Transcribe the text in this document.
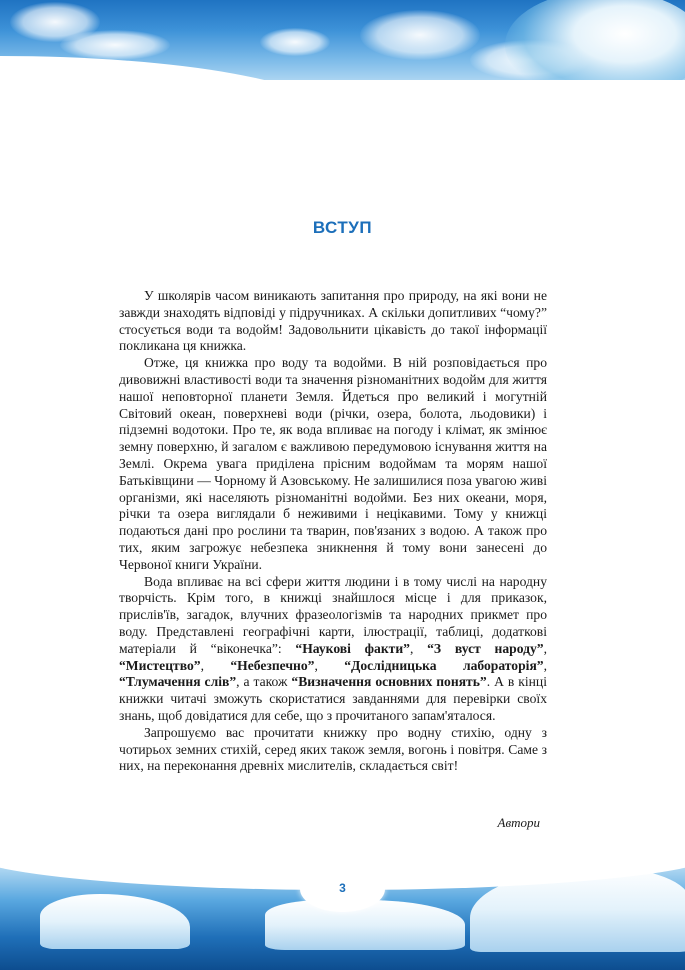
ВСТУП

У школярів часом виникають запитання про природу, на які вони не завжди знаходять відповіді у підручниках. А скільки допитливих “чому?” стосується води та водойм! Задовольнити цікавість до такої інформації покликана ця книжка.

Отже, ця книжка про воду та водойми. В ній розповідається про дивовижні властивості води та значення різноманітних водойм для життя нашої неповторної планети Земля. Йдеться про великий і могутній Світовий океан, поверхневі води (річки, озера, болота, льодовики) і підземні водотоки. Про те, як вода впливає на погоду і клімат, як змінює земну поверхню, й загалом є важливою передумовою існування життя на Землі. Окрема увага приділена прісним водоймам та морям нашої Батьківщини — Чорному й Азовському. Не залишилися поза увагою живі організми, які населяють різноманітні водойми. Без них океани, моря, річки та озера виглядали б неживими і нецікавими. Тому у книжці подаються дані про рослини та тварин, пов'язаних з водою. А також про тих, яким загрожує небезпека зникнення й тому вони занесені до Червоної книги України.

Вода впливає на всі сфери життя людини і в тому числі на народну творчість. Крім того, в книжці знайшлося місце і для приказок, прислів'їв, загадок, влучних фразеологізмів та народних прикмет про воду. Представлені географічні карти, ілюстрації, таблиці, додаткові матеріали й “віконечка”: “Наукові факти”, “З вуст народу”, “Мистецтво”, “Небезпечно”, “Дослідницька лабораторія”, “Тлумачення слів”, а також “Визначення основних понять”. А в кінці книжки читачі зможуть скористатися завданнями для перевірки своїх знань, щоб довідатися для себе, що з прочитаного запам'яталося.

Запрошуємо вас прочитати книжку про водну стихію, одну з чотирьох земних стихій, серед яких також земля, вогонь і повітря. Саме з них, на переконання древніх мислителів, складається світ!

Автори
3
